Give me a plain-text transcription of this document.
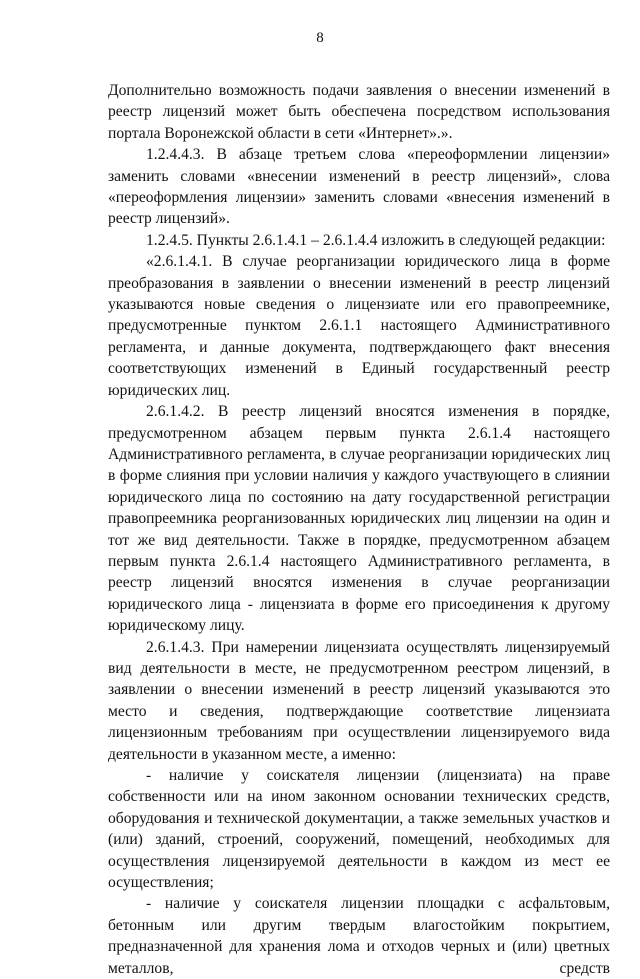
8

Дополнительно возможность подачи заявления о внесении изменений в реестр лицензий может быть обеспечена посредством использования портала Воронежской области в сети «Интернет».».

1.2.4.4.3. В абзаце третьем слова «переоформлении лицензии» заменить словами «внесении изменений в реестр лицензий», слова «переоформления лицензии» заменить словами «внесения изменений в реестр лицензий».

1.2.4.5. Пункты 2.6.1.4.1 – 2.6.1.4.4 изложить в следующей редакции:

«2.6.1.4.1. В случае реорганизации юридического лица в форме преобразования в заявлении о внесении изменений в реестр лицензий указываются новые сведения о лицензиате или его правопреемнике, предусмотренные пунктом 2.6.1.1 настоящего Административного регламента, и данные документа, подтверждающего факт внесения соответствующих изменений в Единый государственный реестр юридических лиц.

2.6.1.4.2. В реестр лицензий вносятся изменения в порядке, предусмотренном абзацем первым пункта 2.6.1.4 настоящего Административного регламента, в случае реорганизации юридических лиц в форме слияния при условии наличия у каждого участвующего в слиянии юридического лица по состоянию на дату государственной регистрации правопреемника реорганизованных юридических лиц лицензии на один и тот же вид деятельности. Также в порядке, предусмотренном абзацем первым пункта 2.6.1.4 настоящего Административного регламента, в реестр лицензий вносятся изменения в случае реорганизации юридического лица - лицензиата в форме его присоединения к другому юридическому лицу.

2.6.1.4.3. При намерении лицензиата осуществлять лицензируемый вид деятельности в месте, не предусмотренном реестром лицензий, в заявлении о внесении изменений в реестр лицензий указываются это место и сведения, подтверждающие соответствие лицензиата лицензионным требованиям при осуществлении лицензируемого вида деятельности в указанном месте, а именно:

- наличие у соискателя лицензии (лицензиата) на праве собственности или на ином законном основании технических средств, оборудования и технической документации, а также земельных участков и (или) зданий, строений, сооружений, помещений, необходимых для осуществления лицензируемой деятельности в каждом из мест ее осуществления;

- наличие у соискателя лицензии площадки с асфальтовым, бетонным или другим твердым влагостойким покрытием, предназначенной для хранения лома и отходов черных и (или) цветных металлов, средств
